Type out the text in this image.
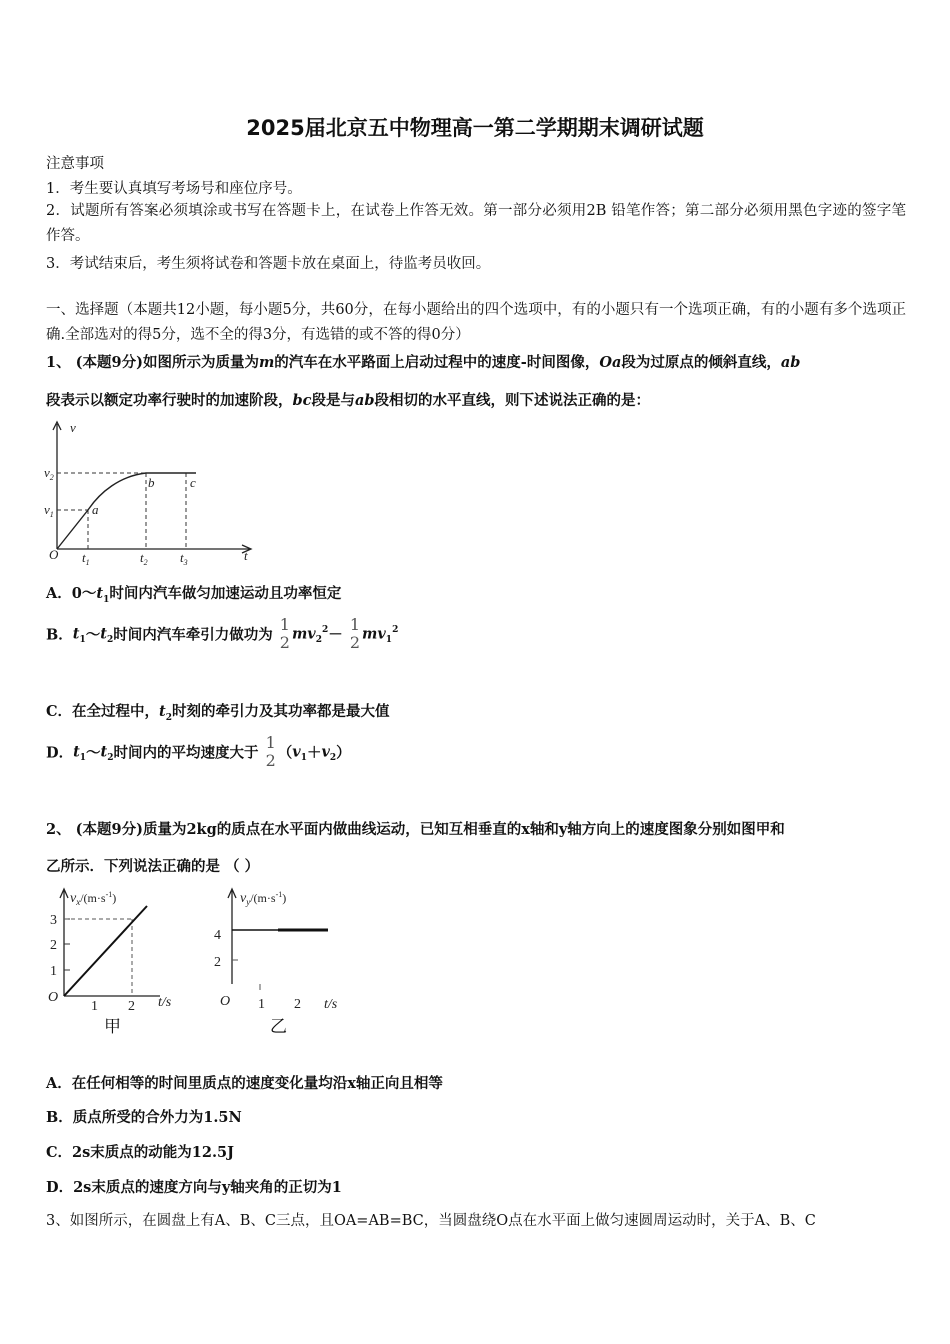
2025届北京五中物理高一第二学期期末调研试题
注意事项
1．考生要认真填写考场号和座位序号。
2．试题所有答案必须填涂或书写在答题卡上，在试卷上作答无效。第一部分必须用2B 铅笔作答；第二部分必须用黑色字迹的签字笔作答。
3．考试结束后，考生须将试卷和答题卡放在桌面上，待监考员收回。
一、选择题（本题共12小题，每小题5分，共60分，在每小题给出的四个选项中，有的小题只有一个选项正确，有的小题有多个选项正确.全部选对的得5分，选不全的得3分，有选错的或不答的得0分）
1、 (本题9分)如图所示为质量为m的汽车在水平路面上启动过程中的速度-时间图像，Oa段为过原点的倾斜直线，ab
段表示以额定功率行驶时的加速阶段，bc段是与ab段相切的水平直线，则下述说法正确的是：
v
t
O
$v_1$
$v_2$
$t_1$	$t_2$ $t_3$
a
b	c
A．$0\sim t_1$时间内汽车做匀加速运动且功率恒定
B．$t_1\sim t_2$时间内汽车牵引力做功为
1
2 $mv_2^2-$
1
2 $mv_1^2$
C．在全过程中，$t_2$时刻的牵引力及其功率都是最大值
D．$t_1\sim t_2$时间内的平均速度大于
1
2 $(v_1+v_2)$
2、 (本题9分)质量为2kg的质点在水平面内做曲线运动，已知互相垂直的x轴和y轴方向上的速度图象分别如图甲和
乙所示．下列说法正确的是 （ ）
$v_x/(m\cdot s^{-1})$
3
2
1
O
1 2 t/s
甲
$v_y/(m\cdot s^{-1})$
4
2
O 1 2 t/s
乙
A．在任何相等的时间里质点的速度变化量均沿x轴正向且相等
B．质点所受的合外力为1.5N
C．2s末质点的动能为12.5J
D．2s末质点的速度方向与y轴夹角的正切为1
3、如图所示，在圆盘上有A、B、C三点，且OA=AB=BC，当圆盘绕O点在水平面上做匀速圆周运动时，关于A、B、C
